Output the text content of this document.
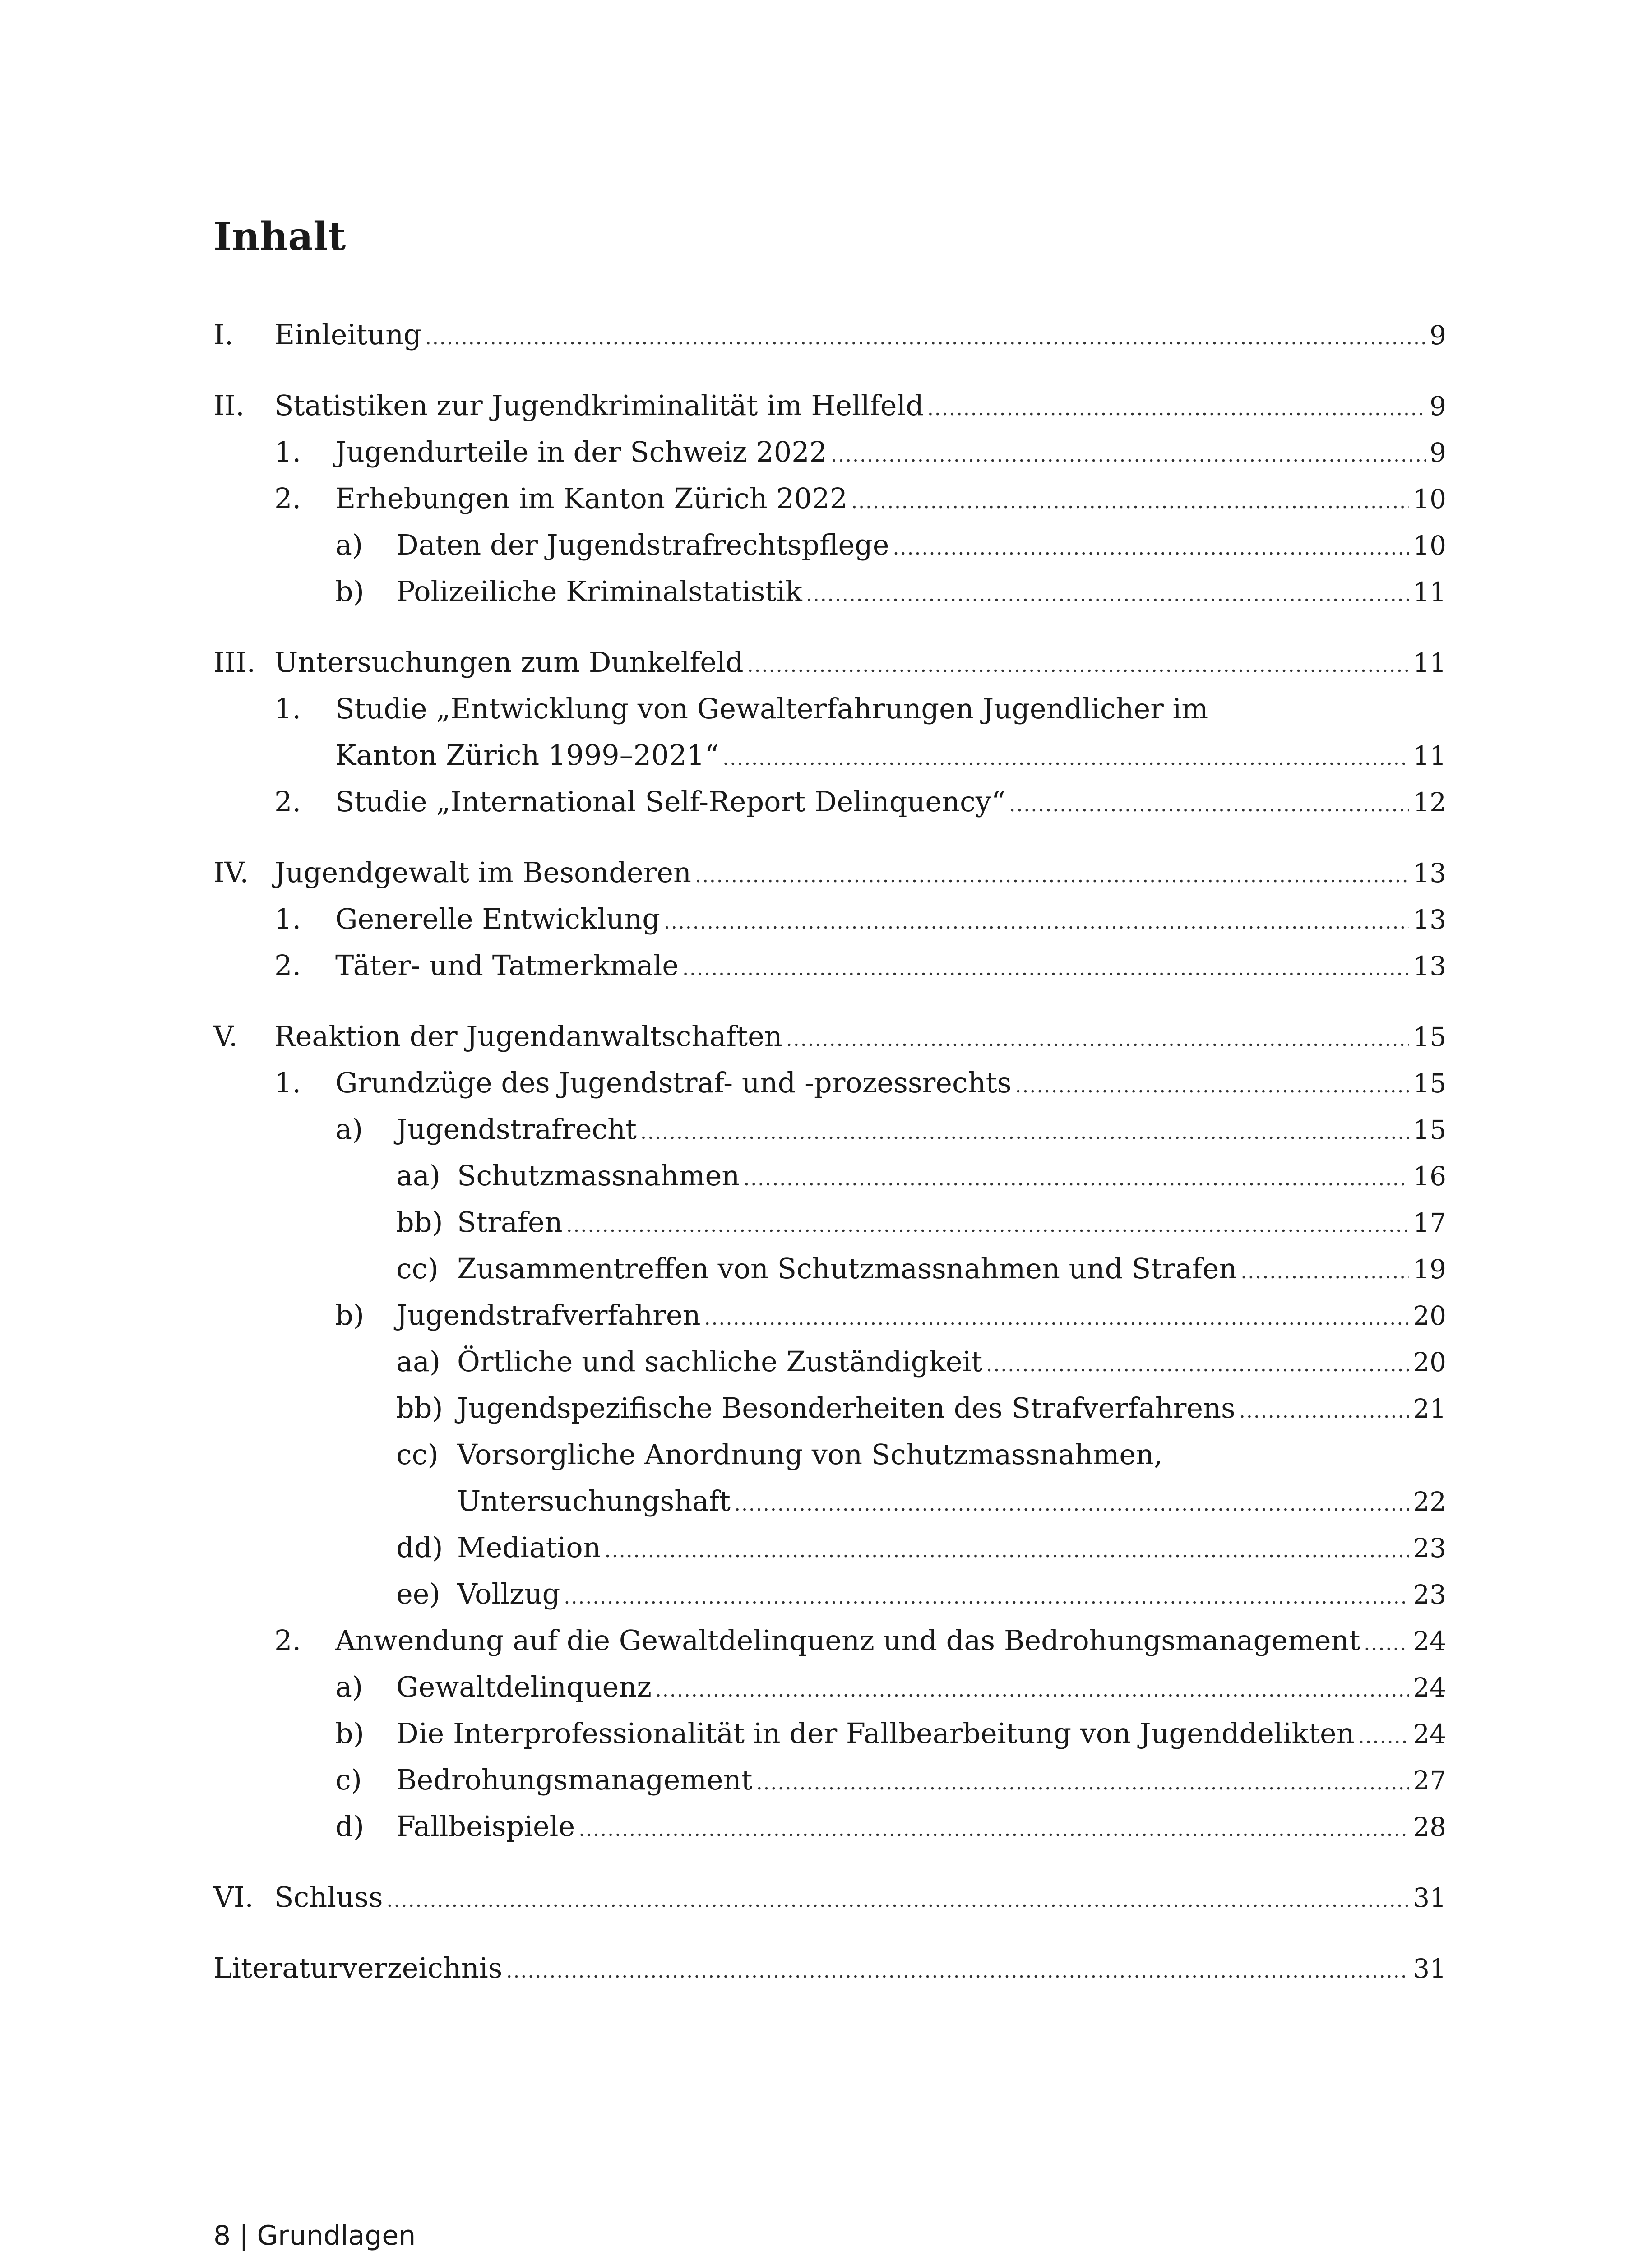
Inhalt
I. Einleitung .....	9
II. Statistiken zur Jugendkriminalität im Hellfeld .....	9
1. Jugendurteile in der Schweiz 2022 .....	9
2. Erhebungen im Kanton Zürich 2022 .....	10
a) Daten der Jugendstrafrechtspflege .....	10
b) Polizeiliche Kriminalstatistik .....	11
III. Untersuchungen zum Dunkelfeld .....	11
1. Studie „Entwicklung von Gewalterfahrungen Jugendlicher im
Kanton Zürich 1999–2021“ .....	11
2. Studie „International Self-Report Delinquency“ .....	12
IV. Jugendgewalt im Besonderen .....	13
1. Generelle Entwicklung .....	13
2. Täter- und Tatmerkmale .....	13
V. Reaktion der Jugendanwaltschaften .....	15
1. Grundzüge des Jugendstraf- und -prozessrechts .....	15
a) Jugendstrafrecht .....	15
aa) Schutzmassnahmen .....	16
bb) Strafen .....	17
cc) Zusammentreffen von Schutzmassnahmen und Strafen .....	19
b) Jugendstrafverfahren .....	20
aa) Örtliche und sachliche Zuständigkeit .....	20
bb) Jugendspezifische Besonderheiten des Strafverfahrens .....	21
cc) Vorsorgliche Anordnung von Schutzmassnahmen,
Untersuchungshaft .....	22
dd) Mediation .....	23
ee) Vollzug .....	23
2. Anwendung auf die Gewaltdelinquenz und das Bedrohungsmanagement ..... 24
a) Gewaltdelinquenz .....	24
b) Die Interprofessionalität in der Fallbearbeitung von Jugenddelikten ..... 24
c) Bedrohungsmanagement .....	27
d) Fallbeispiele .....	28
VI. Schluss .....	31
Literaturverzeichnis .....	31
8 | Grundlagen
